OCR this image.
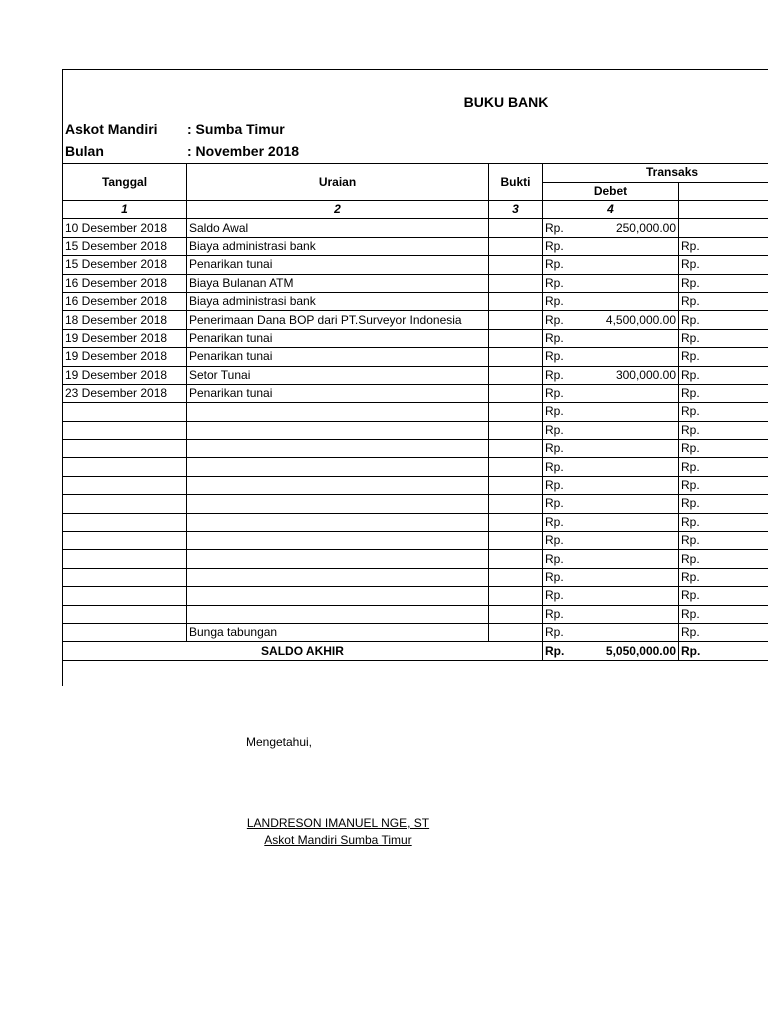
BUKU BANK
Askot Mandiri : Sumba Timur
Bulan	: November 2018
Tanggal	Uraian	Bukti	Transaks		
			Debet		
1	2	3	4		
10 Desember 2018	Saldo Awal		Rp.	250,000.00	
15 Desember 2018	Biaya administrasi bank		Rp.		Rp.
15 Desember 2018	Penarikan tunai		Rp.		Rp.
16 Desember 2018	Biaya Bulanan ATM		Rp.		Rp.
16 Desember 2018	Biaya administrasi bank		Rp.		Rp.
18 Desember 2018	Penerimaan Dana BOP dari PT.Surveyor Indonesia		Rp.	4,500,000.00	Rp.
19 Desember 2018	Penarikan tunai		Rp.		Rp.
19 Desember 2018	Penarikan tunai		Rp.		Rp.
19 Desember 2018	Setor Tunai		Rp.	300,000.00	Rp.
23 Desember 2018	Penarikan tunai		Rp.		Rp.
			Rp.		Rp.
			Rp.		Rp.
			Rp.		Rp.
			Rp.		Rp.
			Rp.		Rp.
			Rp.		Rp.
			Rp.		Rp.
			Rp.		Rp.
			Rp.		Rp.
			Rp.		Rp.
			Rp.		Rp.
			Rp.		Rp.
	Bunga tabungan		Rp.		Rp.
SALDO AKHIR			Rp.	5,050,000.00	Rp.
Mengetahui,
LANDRESON IMANUEL NGE, ST
Askot Mandiri Sumba Timur
